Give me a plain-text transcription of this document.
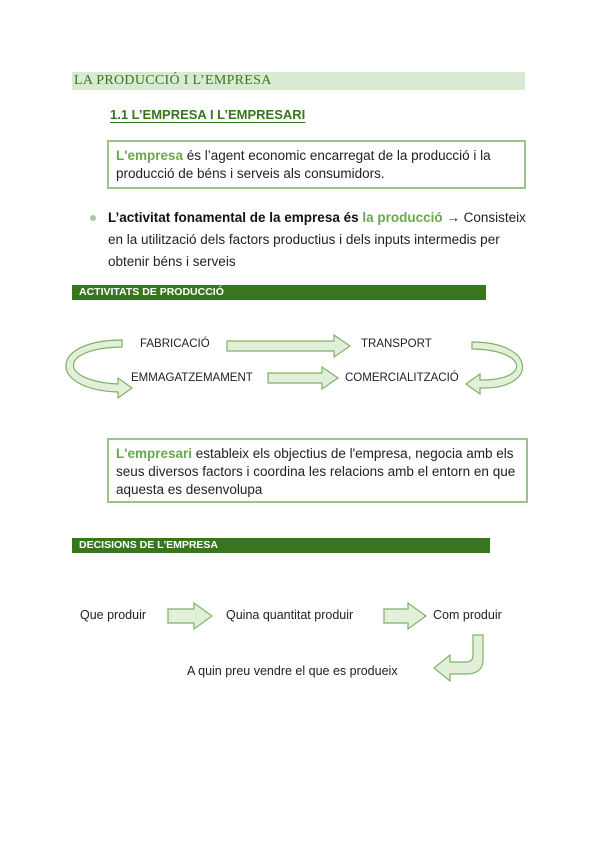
LA PRODUCCIÓ I L’EMPRESA
1.1 L’EMPRESA I L’EMPRESARI
L'empresa és l’agent economic encarregat de la producció i la producció de béns i serveis als consumidors.
L’activitat fonamental de la empresa és la producció → Consisteix en la utilització dels factors productius i dels inputs intermedis per obtenir béns i serveis
ACTIVITATS DE PRODUCCIÓ
FABRICACIÓ	TRANSPORT
EMMAGATZEMAMENT	COMERCIALITZACIÓ
L'empresari estableix els objectius de l'empresa, negocia amb els seus diversos factors i coordina les relacions amb el entorn en que aquesta es desenvolupa
DECISIONS DE L'EMPRESA
Que produir	Quina quantitat produir	Com produir
A quin preu vendre el que es produeix
